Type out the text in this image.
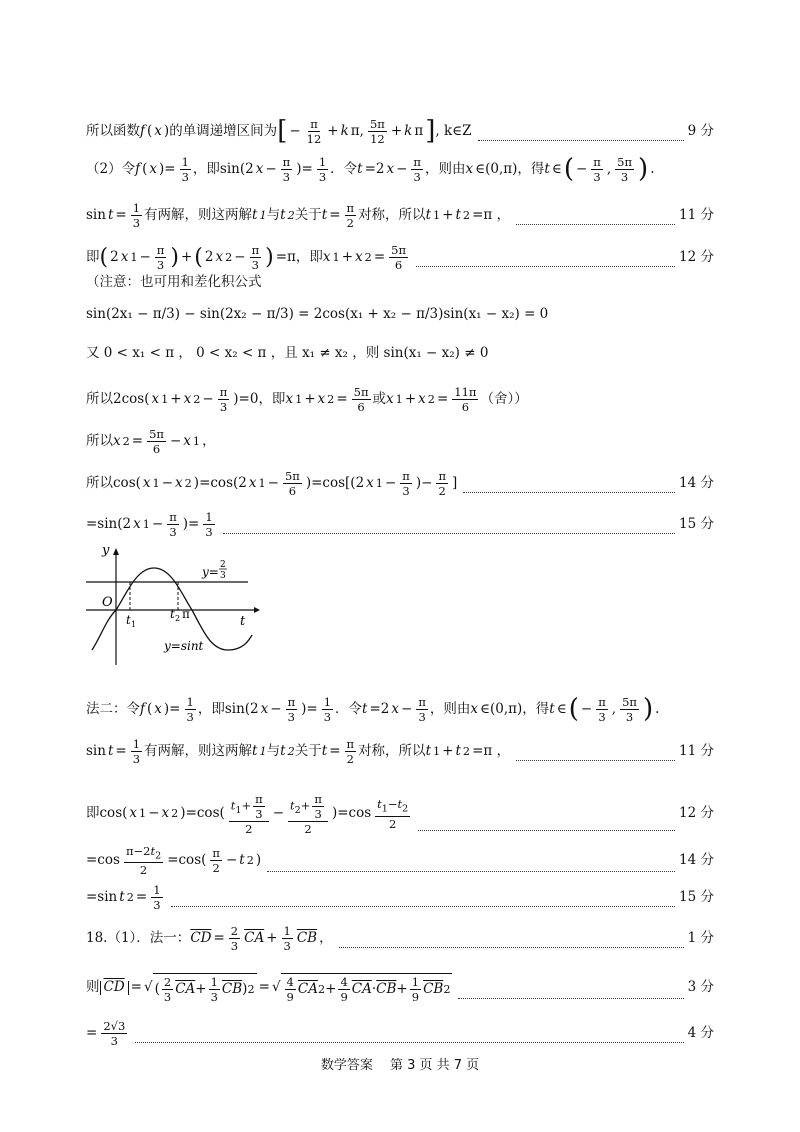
所以函数 f ( x ) 的单调递增区间为 [ − π
12
+ k π, 5π
12
+ k π ] , k∈Z	9 分
（2）令 f ( x )= 1
3
，即 sin(2 x − π
3
)= 1
3
．令 t =2 x − π
3
，则由 x ∈(0,π) ，得 t ∈ ( − π
3
, 5π
3 ) .
sin t = 1
3
有两解，则这两解 t 1 与 t 2 关于 t = π
2
对称，所以 t 1 + t 2 =π ，	11 分
即 ( 2 x 1 − π
3 ) + ( 2 x 2 − π
3 ) =π ，即 x 1 + x 2 = 5π
6
12 分
（注意：也可用和差化积公式
sin(2x₁ − π/3) − sin(2x₂ − π/3) = 2cos(x₁ + x₂ − π/3)sin(x₁ − x₂) = 0
又 0 < x₁ < π ， 0 < x₂ < π ，且 x₁ ≠ x₂ ，则 sin(x₁ − x₂) ≠ 0
所以 2cos( x 1 + x 2 − π
3
)=0 ，即 x 1 + x 2 = 5π
6
或 x 1 + x 2 = 11π
6
（舍））
所以 x 2 = 5π
6
− x 1 ，
所以 cos( x 1 − x 2 )=cos(2 x 1 − 5π
6
)=cos[(2 x 1 − π
3
)− π
2
]	14 分
=sin(2 x 1 − π
3
)= 1
3
15 分
y
t
O
t 1
t 2 π
y= 2
3
y=sint
法二：令 f ( x )= 1
3
，即 sin(2 x − π
3
)= 1
3
．令 t =2 x − π
3
，则由 x ∈(0,π) ，得 t ∈ ( − π
3
, 5π
3 ) .
sin t = 1
3
有两解，则这两解 t 1 与 t 2 关于 t = π
2
对称，所以 t 1 + t 2 =π ，	11 分
即 cos( x 1 − x 2 )=cos( $t_1+ \frac{\pi}{3}$
2
− $t_2+ \frac{\pi}{3}$
2
)=cos
$t_1-t_2$
2
12 分
=cos
$\pi-2t_2$
2
=cos( π
2
− t 2 )	14 分
=sin t 2 = 1
3
15 分
18.（1）．法一： $\overline{CD} = 2$
3
$\overline{CA} + 1$
3
$\overline{CB}$ ，	1 分
则 $\overline{CD}$ = √ ( 2
3
$\overline{CA} + 1$
3
$\overline{CB}$ ) 2 = √ 4
9
$\overline{CA}$ 2 + 4
9
$\overline{CA} \cdot \overline{CB} + 1$
9
$\overline{CB}$ 2	3 分
= 2√3
3
4 分
数学答案　 第 3 页 共 7 页
